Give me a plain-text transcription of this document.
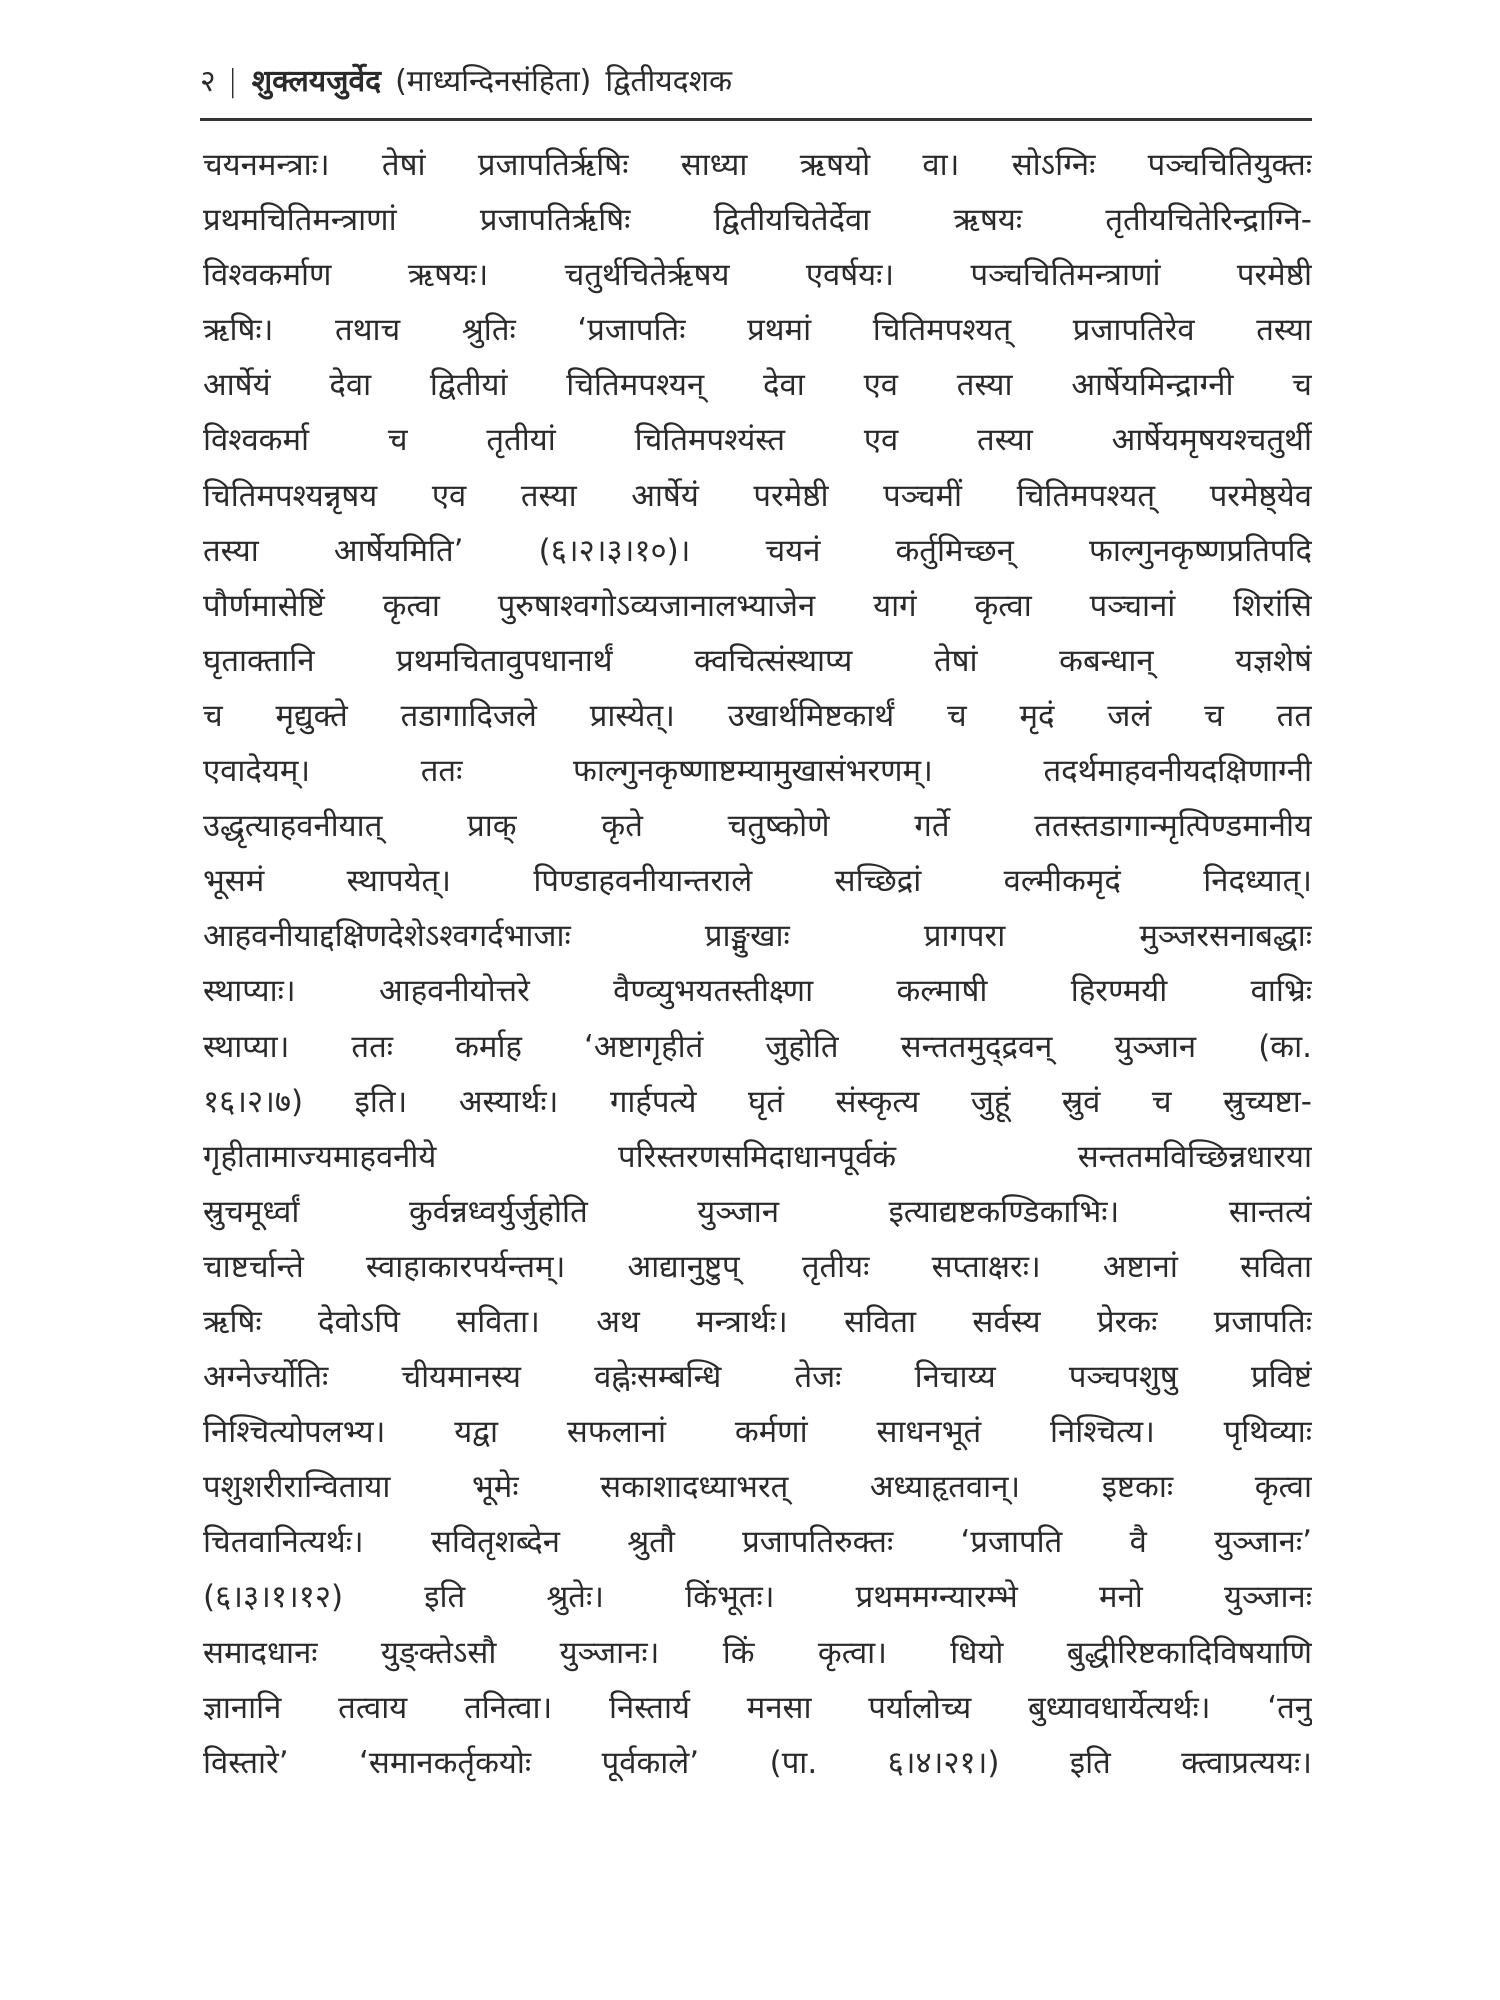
२ | शुक्लयजुर्वेद (माध्यन्दिनसंहिता) द्वितीयदशक
चयनमन्त्राः। तेषां प्रजापतिर्ऋषिः साध्या ऋषयो वा। सोऽग्निः पञ्चचितियुक्तः
प्रथमचितिमन्त्राणां प्रजापतिर्ऋषिः द्वितीयचितेर्देवा ऋषयः तृतीयचितेरिन्द्राग्नि-
विश्वकर्माण ऋषयः। चतुर्थचितेर्ऋषय एवर्षयः। पञ्चचितिमन्त्राणां परमेष्ठी
ऋषिः। तथाच श्रुतिः ‘प्रजापतिः प्रथमां चितिमपश्यत् प्रजापतिरेव तस्या
आर्षेयं देवा द्वितीयां चितिमपश्यन् देवा एव तस्या आर्षेयमिन्द्राग्नी च
विश्वकर्मा च तृतीयां चितिमपश्यंस्त एव तस्या आर्षेयमृषयश्चतुर्थी
चितिमपश्यन्नृषय एव तस्या आर्षेयं परमेष्ठी पञ्चमीं चितिमपश्यत् परमेष्ठ्येव
तस्या आर्षेयमिति’ (६।२।३।१०)। चयनं कर्तुमिच्छन् फाल्गुनकृष्णप्रतिपदि
पौर्णमासेष्टिं कृत्वा पुरुषाश्वगोऽव्यजानालभ्याजेन यागं कृत्वा पञ्चानां शिरांसि
घृताक्तानि प्रथमचितावुपधानार्थं क्वचित्संस्थाप्य तेषां कबन्धान् यज्ञशेषं
च मृद्युक्ते तडागादिजले प्रास्येत्। उखार्थमिष्टकार्थं च मृदं जलं च तत
एवादेयम्। ततः फाल्गुनकृष्णाष्टम्यामुखासंभरणम्। तदर्थमाहवनीयदक्षिणाग्नी
उद्धृत्याहवनीयात् प्राक् कृते चतुष्कोणे गर्ते ततस्तडागान्मृत्पिण्डमानीय
भूसमं स्थापयेत्। पिण्डाहवनीयान्तराले सच्छिद्रां वल्मीकमृदं निदध्यात्।
आहवनीयाद्दक्षिणदेशेऽश्वगर्दभाजाः प्राङ्मुखाः प्रागपरा मुञ्जरसनाबद्धाः
स्थाप्याः। आहवनीयोत्तरे वैण्व्युभयतस्तीक्ष्णा कल्माषी हिरण्मयी वाभ्रिः
स्थाप्या। ततः कर्माह ‘अष्टागृहीतं जुहोति सन्ततमुद्द्रवन् युञ्जान (का.
१६।२।७) इति। अस्यार्थः। गार्हपत्ये घृतं संस्कृत्य जुहूं स्रुवं च स्रुच्यष्टा-
गृहीतामाज्यमाहवनीये परिस्तरणसमिदाधानपूर्वकं सन्ततमविच्छिन्नधारया
स्रुचमूर्ध्वां कुर्वन्नध्वर्युर्जुहोति युञ्जान इत्याद्यष्टकण्डिकाभिः। सान्तत्यं
चाष्टर्चान्ते स्वाहाकारपर्यन्तम्। आद्यानुष्टुप् तृतीयः सप्ताक्षरः। अष्टानां सविता
ऋषिः देवोऽपि सविता। अथ मन्त्रार्थः। सविता सर्वस्य प्रेरकः प्रजापतिः
अग्नेर्ज्योतिः चीयमानस्य वह्नेःसम्बन्धि तेजः निचाय्य पञ्चपशुषु प्रविष्टं
निश्चित्योपलभ्य। यद्वा सफलानां कर्मणां साधनभूतं निश्चित्य। पृथिव्याः
पशुशरीरान्विताया भूमेः सकाशादध्याभरत् अध्याहृतवान्। इष्टकाः कृत्वा
चितवानित्यर्थः। सवितृशब्देन श्रुतौ प्रजापतिरुक्तः ‘प्रजापति वै युञ्जानः’
(६।३।१।१२) इति श्रुतेः। किंभूतः। प्रथममग्न्यारम्भे मनो युञ्जानः
समादधानः युङ्क्तेऽसौ युञ्जानः। किं कृत्वा। धियो बुद्धीरिष्टकादिविषयाणि
ज्ञानानि तत्वाय तनित्वा। निस्तार्य मनसा पर्यालोच्य बुध्यावधार्येत्यर्थः। ‘तनु
विस्तारे’ ‘समानकर्तृकयोः पूर्वकाले’ (पा. ६।४।२१।) इति क्त्वाप्रत्ययः।
